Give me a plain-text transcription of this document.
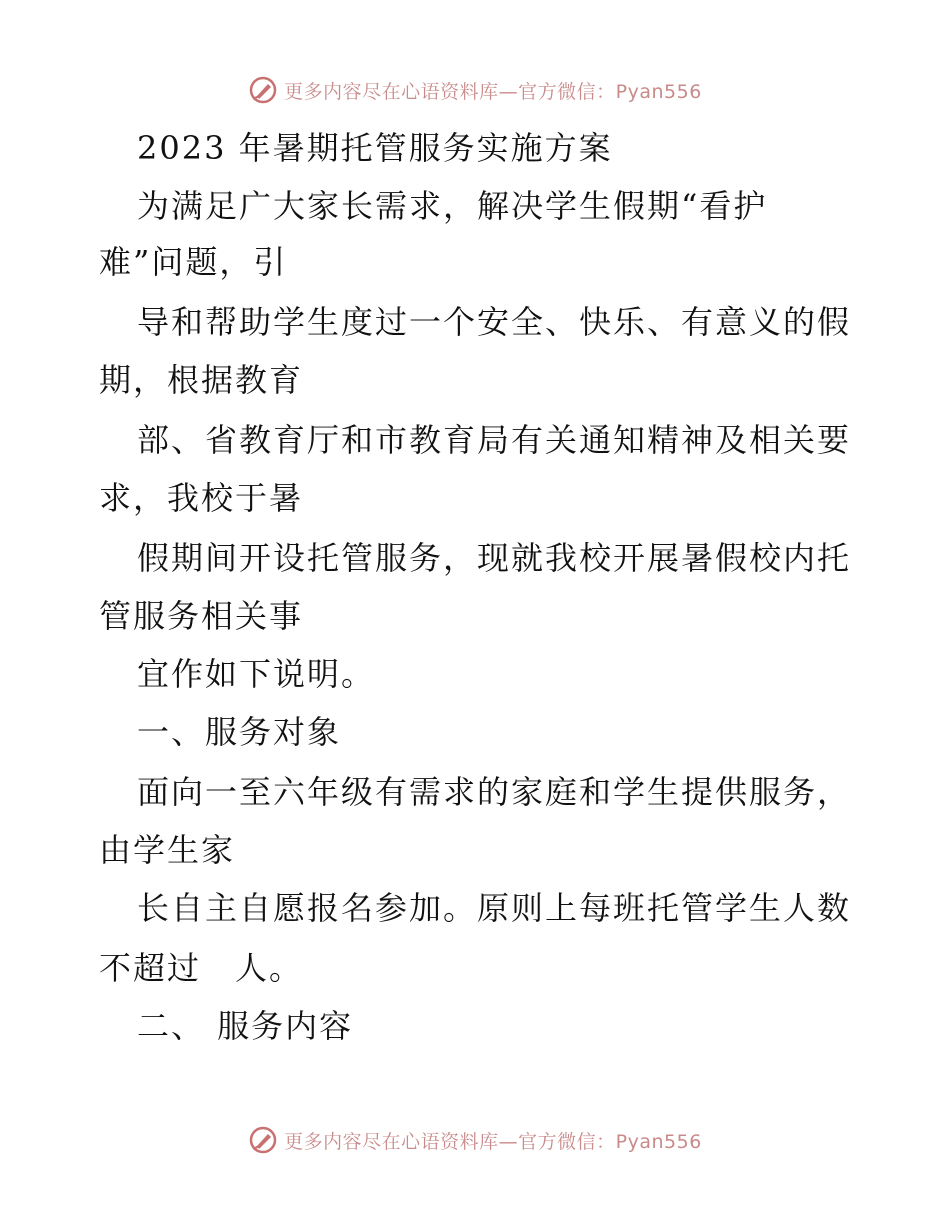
更多内容尽在心语资料库—官方微信：Pyan556
2023 年暑期托管服务实施方案
为满足广大家长需求，解决学生假期“看护
难”问题，引
导和帮助学生度过一个安全、快乐、有意义的假
期，根据教育
部、省教育厅和市教育局有关通知精神及相关要
求，我校于暑
假期间开设托管服务，现就我校开展暑假校内托
管服务相关事
宜作如下说明。
一、服务对象
面向一至六年级有需求的家庭和学生提供服务，
由学生家
长自主自愿报名参加。原则上每班托管学生人数
不超过　人。
二、 服务内容
更多内容尽在心语资料库—官方微信：Pyan556
